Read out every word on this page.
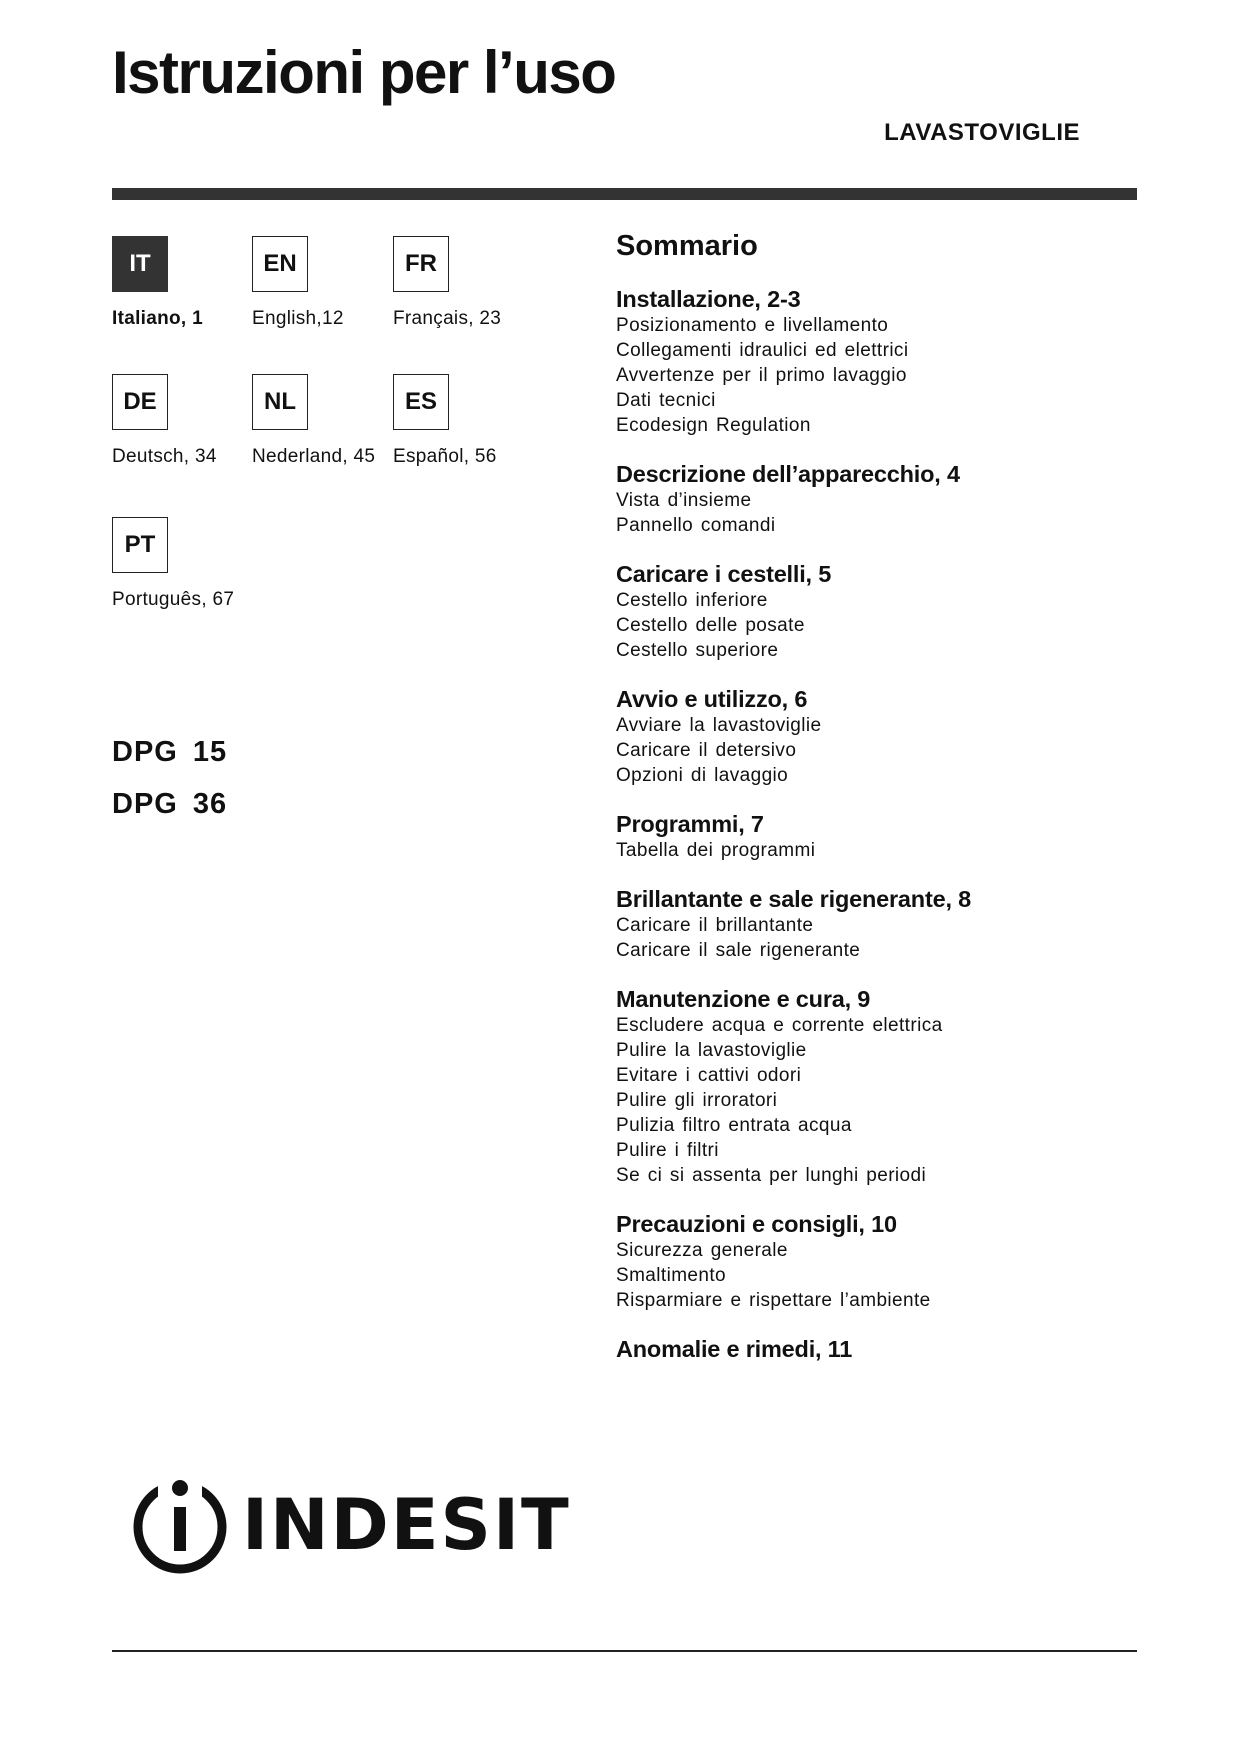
Istruzioni per l’uso
LAVASTOVIGLIE
IT
Italiano, 1
EN
English,12
FR
Français, 23
DE
Deutsch, 34
NL
Nederland, 45
ES
Español, 56
PT
Português, 67
DPG 15
DPG 36
Sommario
Installazione, 2-3
Posizionamento e livellamento
Collegamenti idraulici ed elettrici
Avvertenze per il primo lavaggio
Dati tecnici
Ecodesign Regulation
Descrizione dell’apparecchio, 4
Vista d’insieme
Pannello comandi
Caricare i cestelli, 5
Cestello inferiore
Cestello delle posate
Cestello superiore
Avvio e utilizzo, 6
Avviare la lavastoviglie
Caricare il detersivo
Opzioni di lavaggio
Programmi, 7
Tabella dei programmi
Brillantante e sale rigenerante, 8
Caricare il brillantante
Caricare il sale rigenerante
Manutenzione e cura, 9
Escludere acqua e corrente elettrica
Pulire la lavastoviglie
Evitare i cattivi odori
Pulire gli irroratori
Pulizia filtro entrata acqua
Pulire i filtri
Se ci si assenta per lunghi periodi
Precauzioni e consigli, 10
Sicurezza generale
Smaltimento
Risparmiare e rispettare l’ambiente
Anomalie e rimedi, 11
INDESIT
